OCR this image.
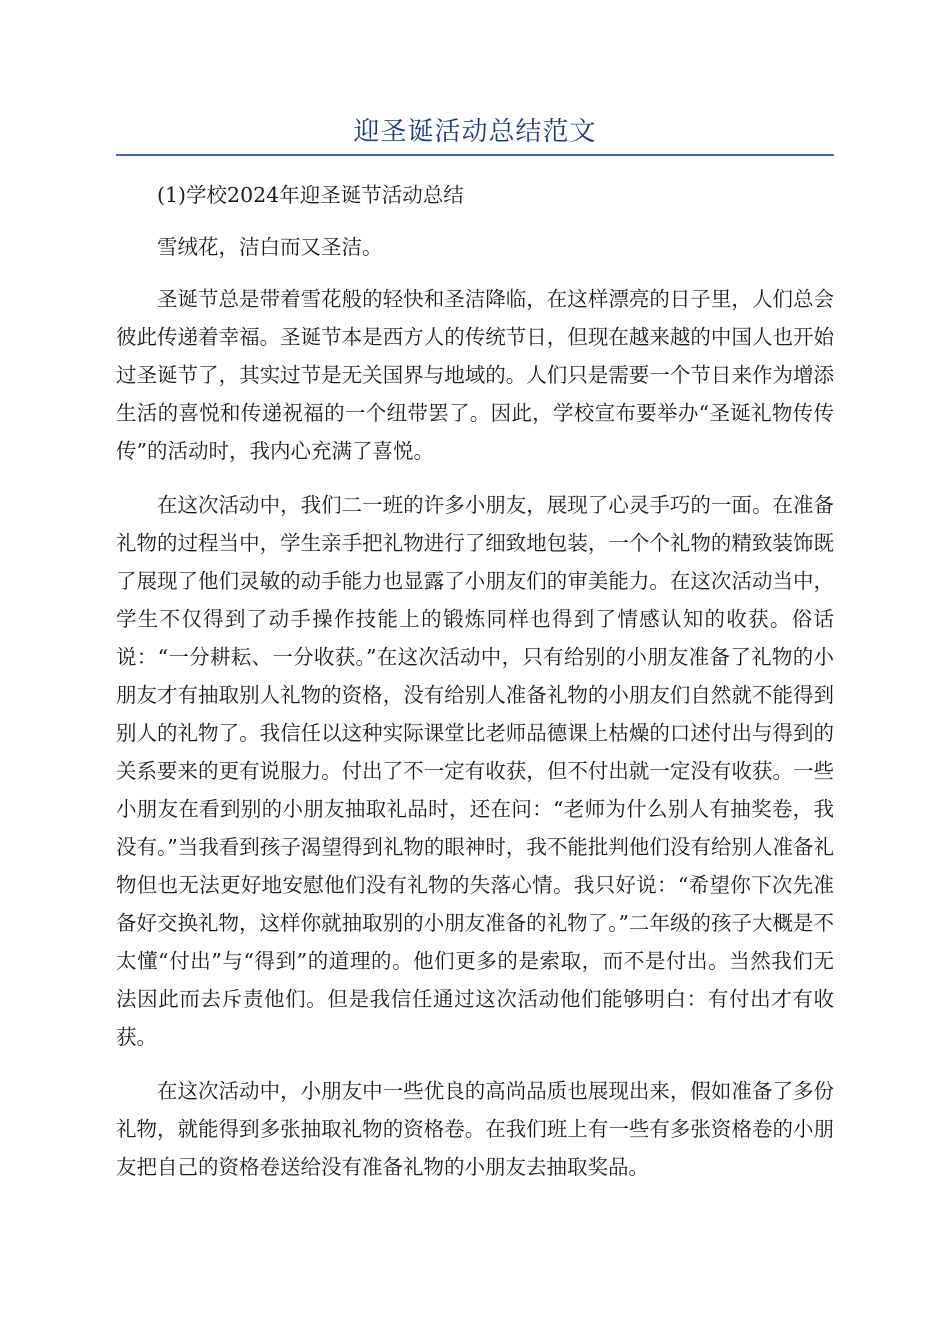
迎圣诞活动总结范文

(1)学校2024年迎圣诞节活动总结

雪绒花，洁白而又圣洁。

圣诞节总是带着雪花般的轻快和圣洁降临，在这样漂亮的日子里，人们总会彼此传递着幸福。圣诞节本是西方人的传统节日，但现在越来越的中国人也开始过圣诞节了，其实过节是无关国界与地域的。人们只是需要一个节日来作为增添生活的喜悦和传递祝福的一个纽带罢了。因此，学校宣布要举办“圣诞礼物传传传”的活动时，我内心充满了喜悦。

在这次活动中，我们二一班的许多小朋友，展现了心灵手巧的一面。在准备礼物的过程当中，学生亲手把礼物进行了细致地包装，一个个礼物的精致装饰既了展现了他们灵敏的动手能力也显露了小朋友们的审美能力。在这次活动当中，学生不仅得到了动手操作技能上的锻炼同样也得到了情感认知的收获。俗话说：“一分耕耘、一分收获。”在这次活动中，只有给别的小朋友准备了礼物的小朋友才有抽取别人礼物的资格，没有给别人准备礼物的小朋友们自然就不能得到别人的礼物了。我信任以这种实际课堂比老师品德课上枯燥的口述付出与得到的关系要来的更有说服力。付出了不一定有收获，但不付出就一定没有收获。一些小朋友在看到别的小朋友抽取礼品时，还在问：“老师为什么别人有抽奖卷，我没有。”当我看到孩子渴望得到礼物的眼神时，我不能批判他们没有给别人准备礼物但也无法更好地安慰他们没有礼物的失落心情。我只好说：“希望你下次先准备好交换礼物，这样你就抽取别的小朋友准备的礼物了。”二年级的孩子大概是不太懂“付出”与“得到”的道理的。他们更多的是索取，而不是付出。当然我们无法因此而去斥责他们。但是我信任通过这次活动他们能够明白：有付出才有收获。

在这次活动中，小朋友中一些优良的高尚品质也展现出来，假如准备了多份礼物，就能得到多张抽取礼物的资格卷。在我们班上有一些有多张资格卷的小朋友把自己的资格卷送给没有准备礼物的小朋友去抽取奖品。
